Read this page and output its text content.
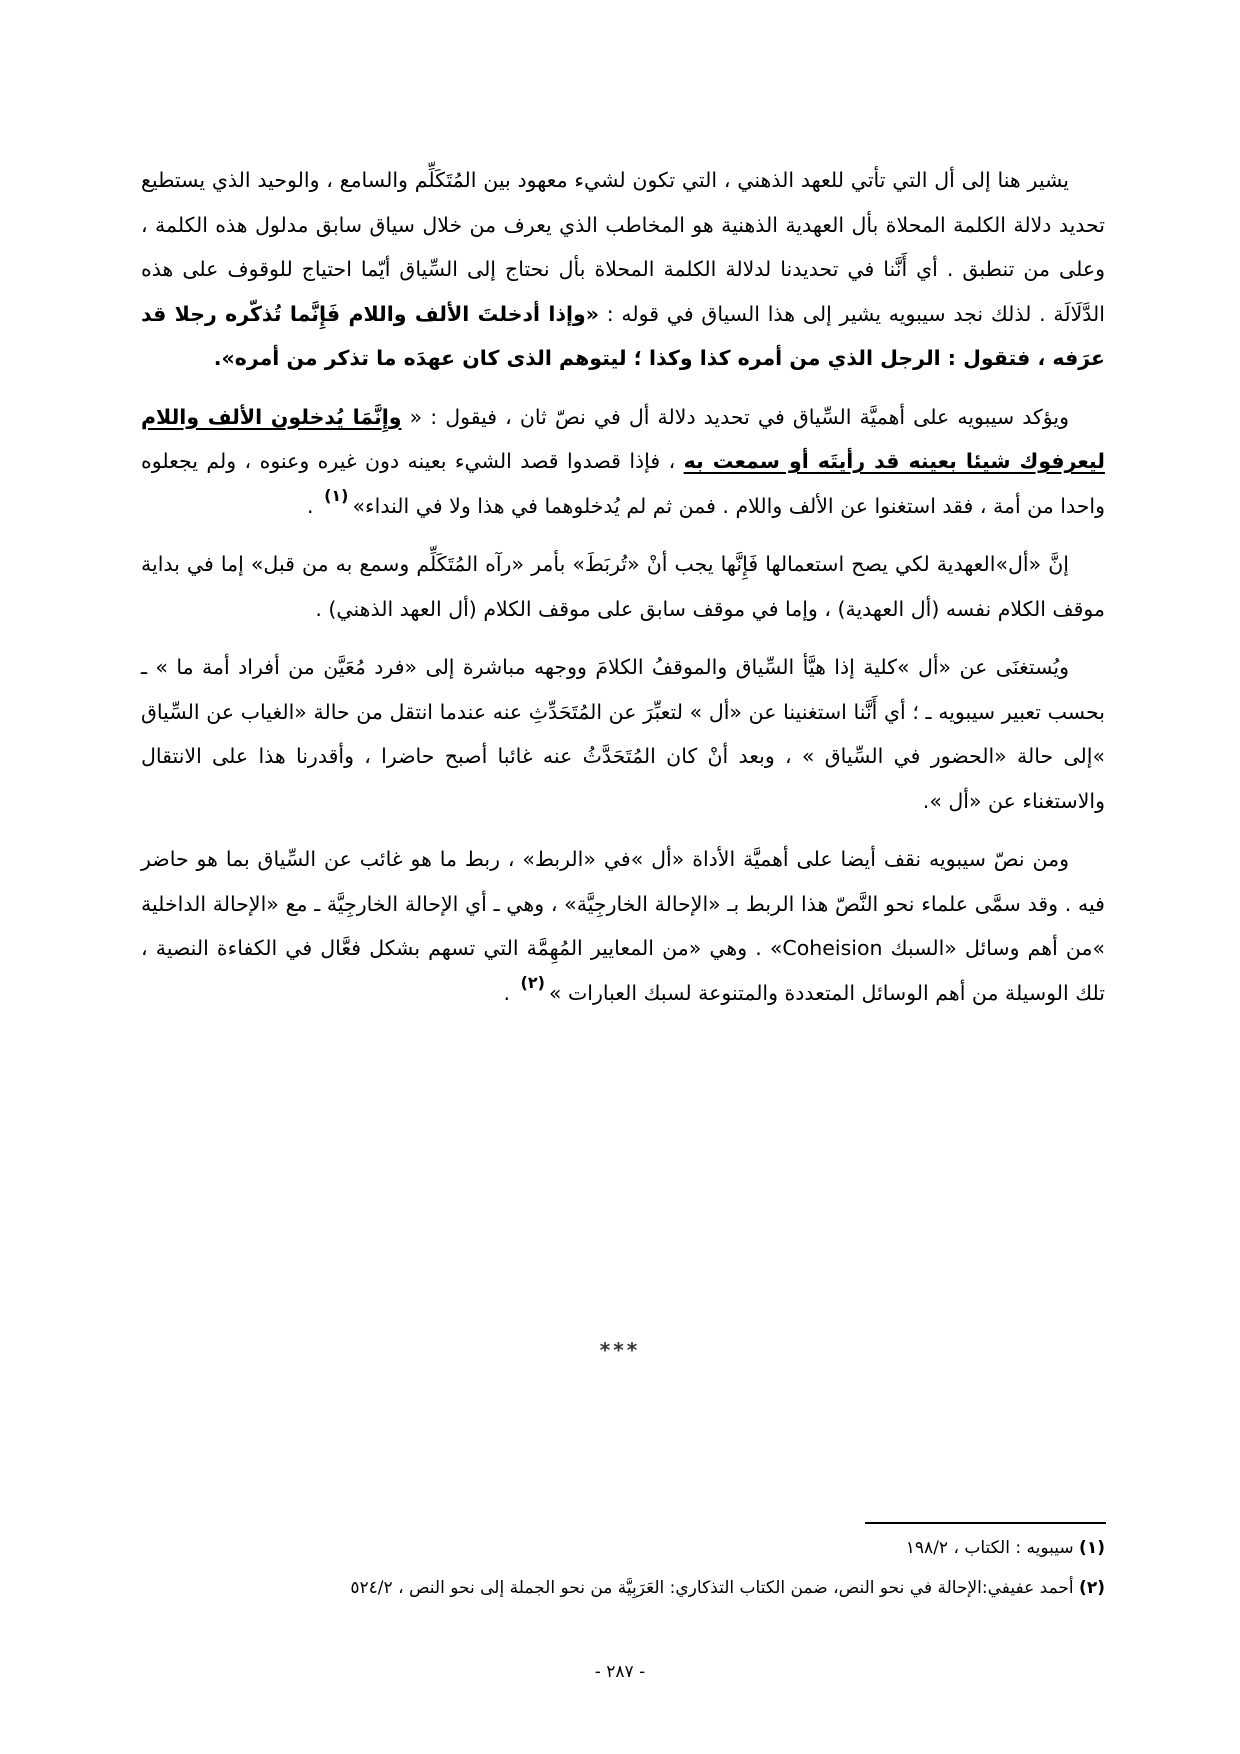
يشير هنا إلى أل التي تأتي للعهد الذهني ، التي تكون لشيء معهود بين المُتَكَلِّم والسامع ، والوحيد الذي يستطيع تحديد دلالة الكلمة المحلاة بأل العهدية الذهنية هو المخاطب الذي يعرف من خلال سياق سابق مدلول هذه الكلمة ، وعلى من تنطبق . أي أَنَّنا في تحديدنا لدلالة الكلمة المحلاة بأل نحتاج إلى السِّياق أيّما احتياج للوقوف على هذه الدَّلَالَة . لذلك نجد سيبويه يشير إلى هذا السياق في قوله : «وإذا أدخلتَ الألف واللام فَإِنَّما تُذكّره رجلا قد عرَفه ، فتقول : الرجل الذي من أمره كذا وكذا ؛ ليتوهم الذى كان عهدَه ما تذكر من أمره».

ويؤكد سيبويه على أهميَّة السِّياق في تحديد دلالة أل في نصّ ثان ، فيقول : « وإِنَّمَا يُدخلون الألف واللام ليعرفوك شيئا بعينه قد رأيتَه أو سمعت به ، فإذا قصدوا قصد الشيء بعينه دون غيره وعنوه ، ولم يجعلوه واحدا من أمة ، فقد استغنوا عن الألف واللام . فمن ثم لم يُدخلوهما في هذا ولا في النداء»$^{(١)}$ .

إنَّ «أل»العهدية لكي يصح استعمالها فَإِنَّها يجب أنْ «تُربَطَ» بأمر «رآه المُتَكَلِّم وسمع به من قبل» إما في بداية موقف الكلام نفسه (أل العهدية) ، وإما في موقف سابق على موقف الكلام (أل العهد الذهني) .

ويُستغنَى عن «أل »كلية إذا هيَّأ السِّياق والموقفُ الكلامَ ووجهه مباشرة إلى «فرد مُعَيَّن من أفراد أمة ما » ـ بحسب تعبير سيبويه ـ ؛ أي أَنَّنا استغنينا عن «أل » لتعبِّرَ عن المُتَحَدِّثِ عنه عندما انتقل من حالة «الغياب عن السِّياق »إلى حالة «الحضور في السِّياق » ، وبعد أنْ كان المُتَحَدَّثُ عنه غائبا أصبح حاضرا ، وأقدرنا هذا على الانتقال والاستغناء عن «أل ».

ومن نصّ سيبويه نقف أيضا على أهميَّة الأداة «أل »في «الربط» ، ربط ما هو غائب عن السِّياق بما هو حاضر فيه . وقد سمَّى علماء نحو النَّصّ هذا الربط بـ «الإحالة الخارجِيَّة» ، وهي ـ أي الإحالة الخارجِيَّة ـ مع «الإحالة الداخلية »من أهم وسائل «السبك Coheision» . وهي «من المعايير المُهِمَّة التي تسهم بشكل فعَّال في الكفاءة النصية ، تلك الوسيلة من أهم الوسائل المتعددة والمتنوعة لسبك العبارات »$^{(٢)}$ .

***
(١) سيبويه : الكتاب ، ١٩٨/٢
(٢) أحمد عفيفي:الإحالة في نحو النص، ضمن الكتاب التذكاري: العَرَبِيَّة من نحو الجملة إلى نحو النص ، ٥٢٤/٢
- ٢٨٧ -
